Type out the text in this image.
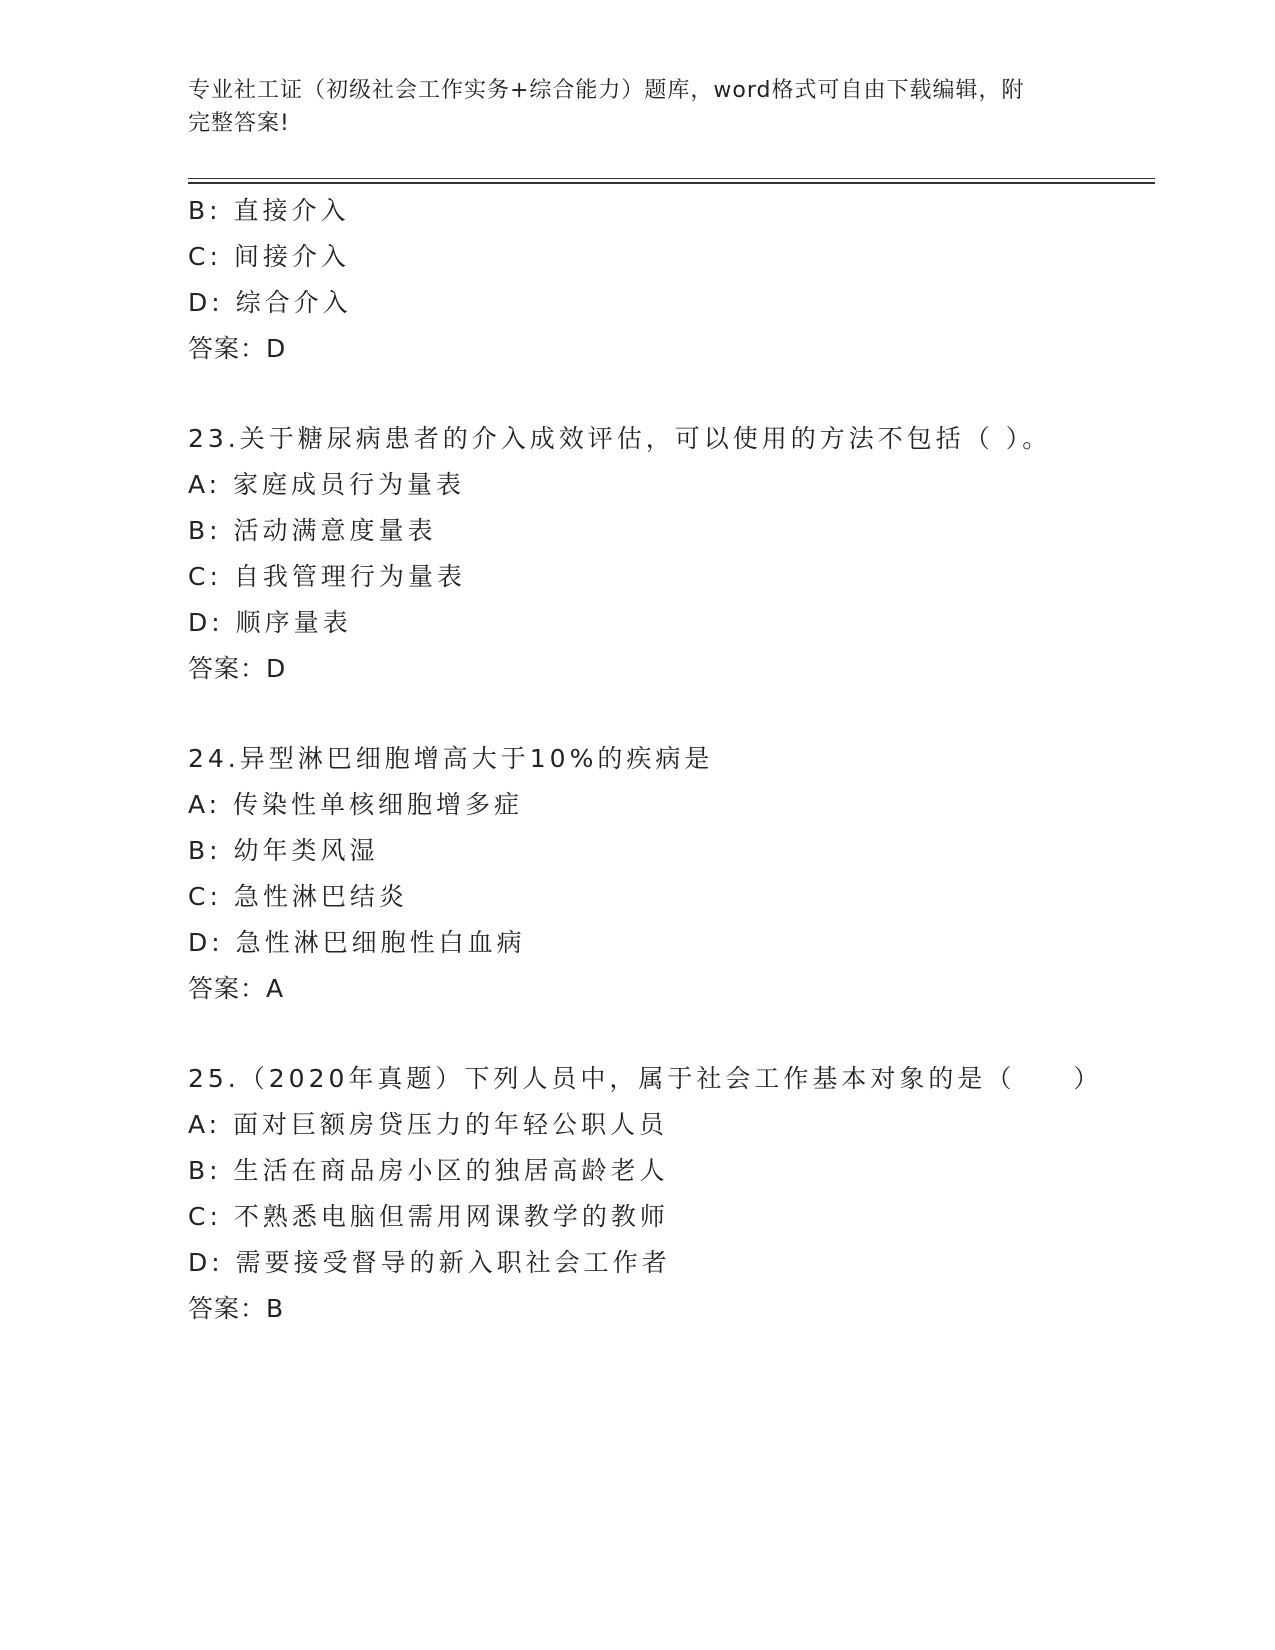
专业社工证（初级社会工作实务+综合能力）题库，word格式可自由下载编辑，附
完整答案!
B: 直接介入
C: 间接介入
D: 综合介入
答案：D
23.关于糖尿病患者的介入成效评估，可以使用的方法不包括（ ）。
A: 家庭成员行为量表
B: 活动满意度量表
C: 自我管理行为量表
D: 顺序量表
答案：D
24.异型淋巴细胞增高大于10%的疾病是
A: 传染性单核细胞增多症
B: 幼年类风湿
C: 急性淋巴结炎
D: 急性淋巴细胞性白血病
答案：A
25.（2020年真题）下列人员中，属于社会工作基本对象的是（　　）
A: 面对巨额房贷压力的年轻公职人员
B: 生活在商品房小区的独居高龄老人
C: 不熟悉电脑但需用网课教学的教师
D: 需要接受督导的新入职社会工作者
答案：B
